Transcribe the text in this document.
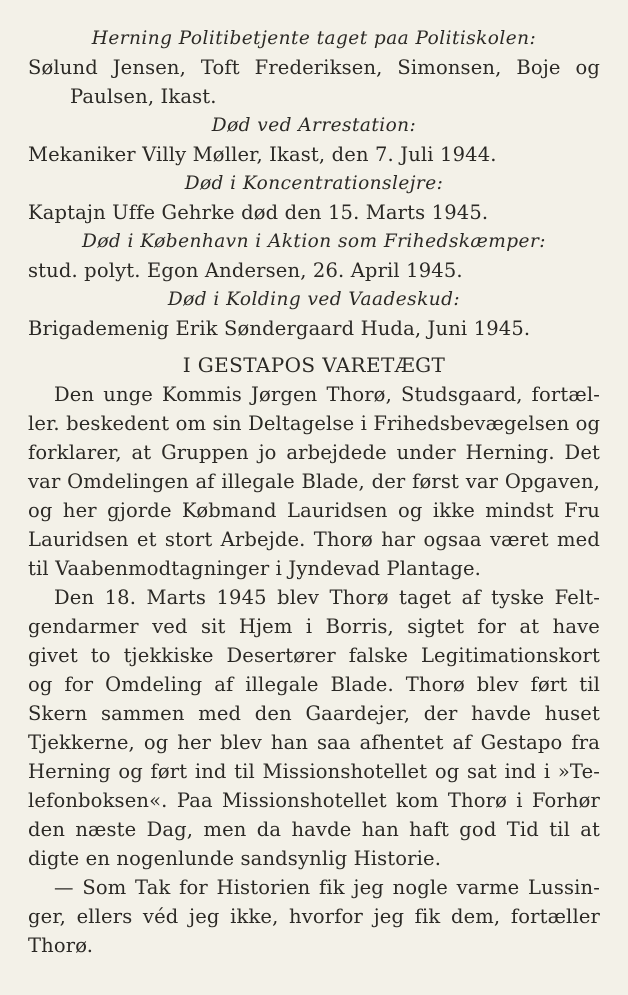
Herning Politibetjente taget paa Politiskolen:

Sølund Jensen, Toft Frederiksen, Simonsen, Boje og

Paulsen, Ikast.

Død ved Arrestation:

Mekaniker Villy Møller, Ikast, den 7. Juli 1944.

Død i Koncentrationslejre:

Kaptajn Uffe Gehrke død den 15. Marts 1945.

Død i København i Aktion som Frihedskæmper:

stud. polyt. Egon Andersen, 26. April 1945.

Død i Kolding ved Vaadeskud:

Brigademenig Erik Søndergaard Huda, Juni 1945.

I GESTAPOS VARETÆGT

Den unge Kommis Jørgen Thorø, Studsgaard, fortæl-

ler. beskedent om sin Deltagelse i Frihedsbevægelsen og

forklarer, at Gruppen jo arbejdede under Herning. Det

var Omdelingen af illegale Blade, der først var Opgaven,

og her gjorde Købmand Lauridsen og ikke mindst Fru

Lauridsen et stort Arbejde. Thorø har ogsaa været med

til Vaabenmodtagninger i Jyndevad Plantage.

Den 18. Marts 1945 blev Thorø taget af tyske Felt-

gendarmer ved sit Hjem i Borris, sigtet for at have

givet to tjekkiske Desertører falske Legitimationskort

og for Omdeling af illegale Blade. Thorø blev ført til

Skern sammen med den Gaardejer, der havde huset

Tjekkerne, og her blev han saa afhentet af Gestapo fra

Herning og ført ind til Missionshotellet og sat ind i »Te-

lefonboksen«. Paa Missionshotellet kom Thorø i Forhør

den næste Dag, men da havde han haft god Tid til at

digte en nogenlunde sandsynlig Historie.

— Som Tak for Historien fik jeg nogle varme Lussin-

ger, ellers véd jeg ikke, hvorfor jeg fik dem, fortæller

Thorø.
